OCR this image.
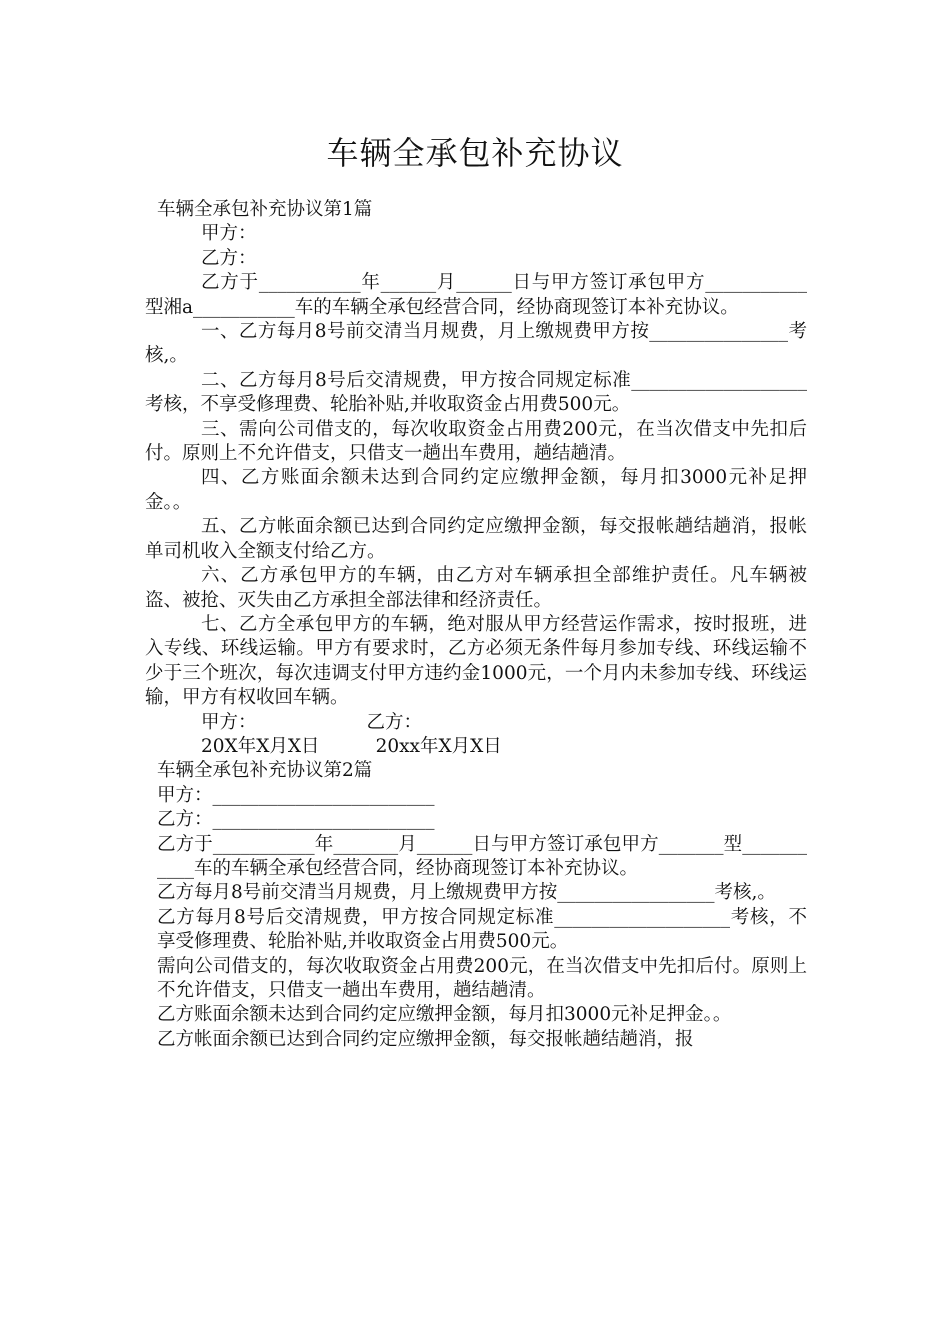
车辆全承包补充协议

车辆全承包补充协议第1篇

甲方：

乙方：

乙方于___________年______月______日与甲方签订承包甲方___________型湘a___________车的车辆全承包经营合同，经协商现签订本补充协议。

一、乙方每月8号前交清当月规费，月上缴规费甲方按_______________考核,。

二、乙方每月8号后交清规费，甲方按合同规定标准___________________考核，不享受修理费、轮胎补贴,并收取资金占用费500元。

三、需向公司借支的，每次收取资金占用费200元，在当次借支中先扣后付。原则上不允许借支，只借支一趟出车费用，趟结趟清。

四、乙方账面余额未达到合同约定应缴押金额，每月扣3000元补足押金。。

五、乙方帐面余额已达到合同约定应缴押金额，每交报帐趟结趟消，报帐单司机收入全额支付给乙方。

六、乙方承包甲方的车辆，由乙方对车辆承担全部维护责任。凡车辆被盗、被抢、灭失由乙方承担全部法律和经济责任。

七、乙方全承包甲方的车辆，绝对服从甲方经营运作需求，按时报班，进入专线、环线运输。甲方有要求时，乙方必须无条件每月参加专线、环线运输不少于三个班次，每次违调支付甲方违约金1000元，一个月内未参加专线、环线运输，甲方有权收回车辆。

甲方：	乙方：

20X年X月X日	20xx年X月X日

车辆全承包补充协议第2篇

甲方：________________________

乙方：________________________

乙方于___________年_______月______日与甲方签订承包甲方_______型___________车的车辆全承包经营合同，经协商现签订本补充协议。

乙方每月8号前交清当月规费，月上缴规费甲方按_________________考核,。

乙方每月8号后交清规费，甲方按合同规定标准___________________考核，不享受修理费、轮胎补贴,并收取资金占用费500元。

需向公司借支的，每次收取资金占用费200元，在当次借支中先扣后付。原则上不允许借支，只借支一趟出车费用，趟结趟清。

乙方账面余额未达到合同约定应缴押金额，每月扣3000元补足押金。。

乙方帐面余额已达到合同约定应缴押金额，每交报帐趟结趟消，报
